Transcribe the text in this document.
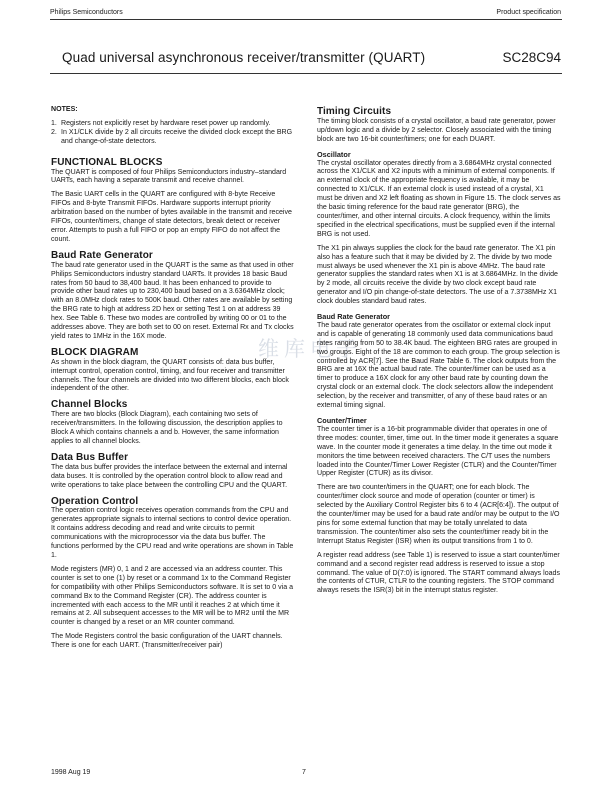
Philips Semiconductors	Product specification
Quad universal asynchronous receiver/transmitter (QUART)	SC28C94
维库电子

NOTES:

1. Registers not explicitly reset by hardware reset power up randomly.
2. In X1/CLK divide by 2 all circuits receive the divided clock except the BRG and change-of-state detectors.
FUNCTIONAL BLOCKS

The QUART is composed of four Philips Semiconductors industry–standard UARTs, each having a separate transmit and receive channel.

The Basic UART cells in the QUART are configured with 8-byte Receive FIFOs and 8-byte Transmit FIFOs. Hardware supports interrupt priority arbitration based on the number of bytes available in the transmit and receive FIFOs, counter/timers, change of state detectors, break detect or receiver error. Attempts to push a full FIFO or pop an empty FIFO do not affect the count.

Baud Rate Generator

The baud rate generator used in the QUART is the same as that used in other Philips Semiconductors industry standard UARTs. It provides 18 basic Baud rates from 50 baud to 38,400 baud. It has been enhanced to provide to provide other baud rates up to 230,400 baud based on a 3.6364MHz clock; with an 8.0MHz clock rates to 500K baud. Other rates are available by setting the BRG rate to high at address 2D hex or setting Test 1 on at address 39 hex. See Table 6. These two modes are controlled by writing 00 or 01 to the addresses above. They are both set to 00 on reset. External Rx and Tx clocks yield rates to 1MHz in the 16X mode.

BLOCK DIAGRAM

As shown in the block diagram, the QUART consists of: data bus buffer, interrupt control, operation control, timing, and four receiver and transmitter channels. The four channels are divided into two different blocks, each block independent of the other.

Channel Blocks

There are two blocks (Block Diagram), each containing two sets of receiver/transmitters. In the following discussion, the description applies to Block A which contains channels a and b. However, the same information applies to all channel blocks.

Data Bus Buffer

The data bus buffer provides the interface between the external and internal data buses. It is controlled by the operation control block to allow read and write operations to take place between the controlling CPU and the QUART.

Operation Control

The operation control logic receives operation commands from the CPU and generates appropriate signals to internal sections to control device operation. It contains address decoding and read and write circuits to permit communications with the microprocessor via the data bus buffer. The functions performed by the CPU read and write operations are shown in Table 1.

Mode registers (MR) 0, 1 and 2 are accessed via an address counter. This counter is set to one (1) by reset or a command 1x to the Command Register for compatibility with other Philips Semiconductors software. It is set to 0 via a command Bx to the Command Register (CR). The address counter is incremented with each access to the MR until it reaches 2 at which time it remains at 2. All subsequent accesses to the MR will be to MR2 until the MR counter is changed by a reset or an MR counter command.

The Mode Registers control the basic configuration of the UART channels. There is one for each UART. (Transmitter/receiver pair)

Timing Circuits

The timing block consists of a crystal oscillator, a baud rate generator, power up/down logic and a divide by 2 selector. Closely associated with the timing block are two 16-bit counter/timers; one for each DUART.

Oscillator

The crystal oscillator operates directly from a 3.6864MHz crystal connected across the X1/CLK and X2 inputs with a minimum of external components. If an external clock of the appropriate frequency is available, it may be connected to X1/CLK. If an external clock is used instead of a crystal, X1 must be driven and X2 left floating as shown in Figure 15. The clock serves as the basic timing reference for the baud rate generator (BRG), the counter/timer, and other internal circuits. A clock frequency, within the limits specified in the electrical specifications, must be supplied even if the internal BRG is not used.

The X1 pin always supplies the clock for the baud rate generator. The X1 pin also has a feature such that it may be divided by 2. The divide by two mode must always be used whenever the X1 pin is above 4MHz. The baud rate generator supplies the standard rates when X1 is at 3.6864MHz. In the divide by 2 mode, all circuits receive the divide by two clock except baud rate generator and I/O pin change-of-state detectors. The use of a 7.3738MHz X1 clock doubles standard baud rates.

Baud Rate Generator

The baud rate generator operates from the oscillator or external clock input and is capable of generating 18 commonly used data communications baud rates ranging from 50 to 38.4K baud. The eighteen BRG rates are grouped in two groups. Eight of the 18 are common to each group. The group selection is controlled by ACR[7]. See the Baud Rate Table 6. The clock outputs from the BRG are at 16X the actual baud rate. The counter/timer can be used as a timer to produce a 16X clock for any other baud rate by counting down the crystal clock or an external clock. The clock selectors allow the independent selection, by the receiver and transmitter, of any of these baud rates or an external timing signal.

Counter/Timer

The counter timer is a 16-bit programmable divider that operates in one of three modes: counter, timer, time out. In the timer mode it generates a square wave. In the counter mode it generates a time delay. In the time out mode it monitors the time between received characters. The C/T uses the numbers loaded into the Counter/Timer Lower Register (CTLR) and the Counter/Timer Upper Register (CTUR) as its divisor.

There are two counter/timers in the QUART; one for each block. The counter/timer clock source and mode of operation (counter or timer) is selected by the Auxiliary Control Register bits 6 to 4 (ACR[6:4]). The output of the counter/timer may be used for a baud rate and/or may be output to the I/O pins for some external function that may be totally unrelated to data transmission. The counter/timer also sets the counter/timer ready bit in the Interrupt Status Register (ISR) when its output transitions from 1 to 0.

A register read address (see Table 1) is reserved to issue a start counter/timer command and a second register read address is reserved to issue a stop command. The value of D(7:0) is ignored. The START command always loads the contents of CTUR, CTLR to the counting registers. The STOP command always resets the ISR(3) bit in the interrupt status register.

1998 Aug 19	7
